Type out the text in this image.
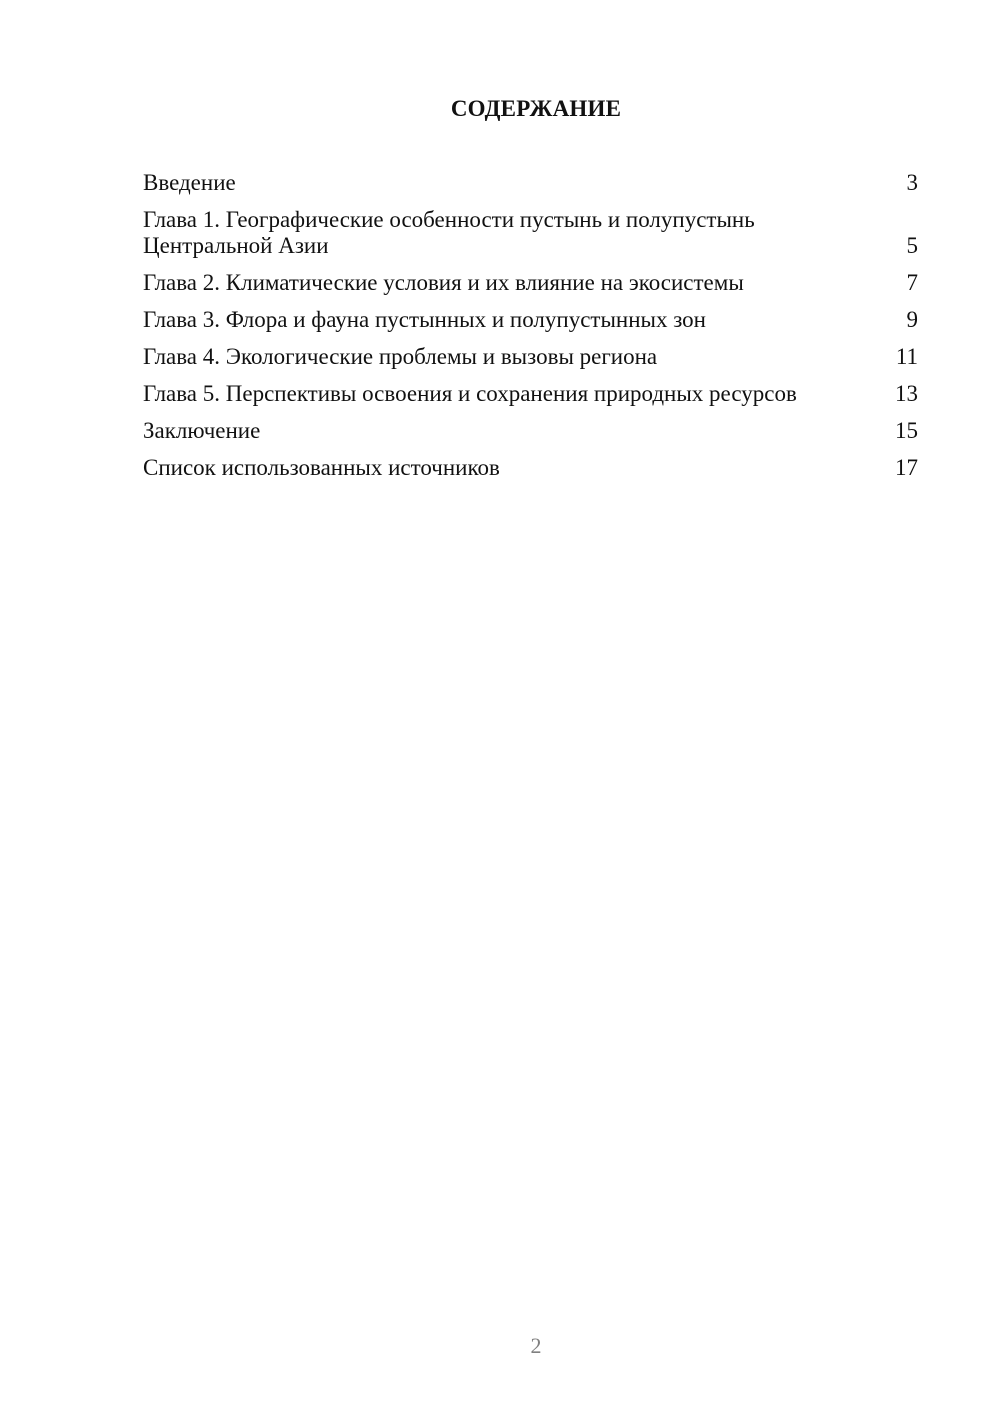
СОДЕРЖАНИЕ
Введение	3
Глава 1. Географические особенности пустынь и полупустынь Центральной Азии	5
Глава 2. Климатические условия и их влияние на экосистемы	7
Глава 3. Флора и фауна пустынных и полупустынных зон	9
Глава 4. Экологические проблемы и вызовы региона	11
Глава 5. Перспективы освоения и сохранения природных ресурсов	13
Заключение	15
Список использованных источников	17
2
